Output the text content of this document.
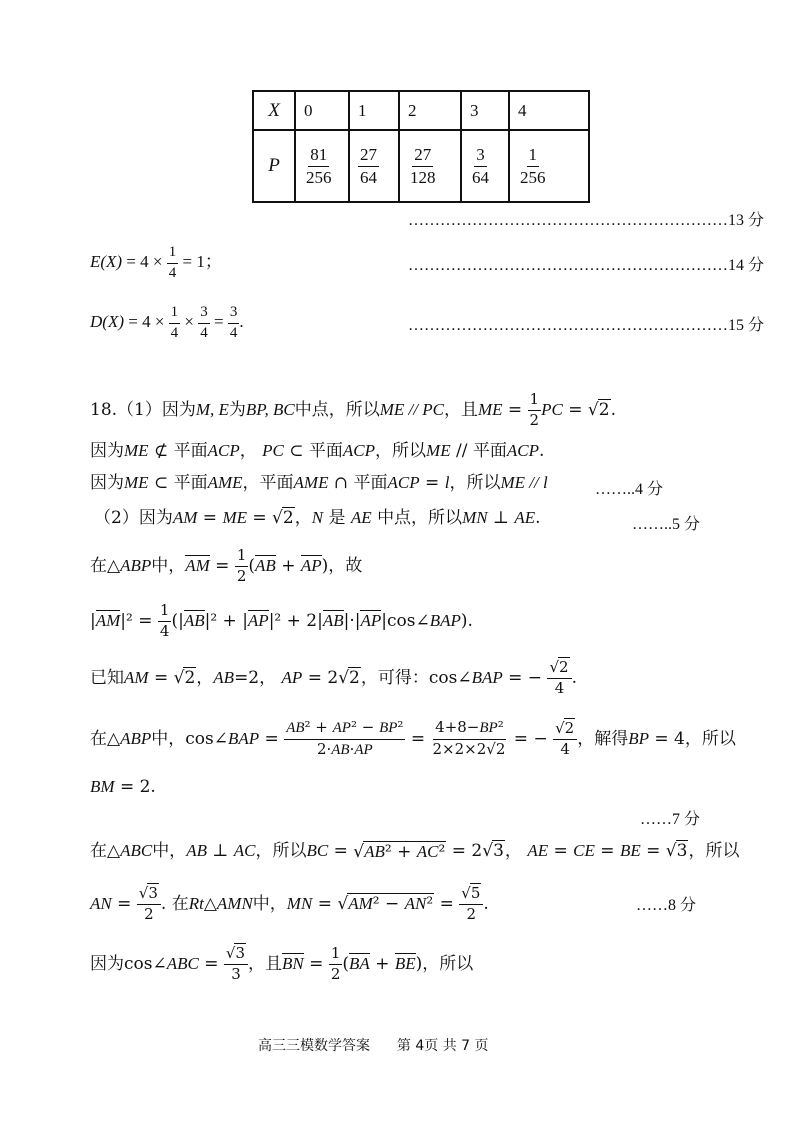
X	0	1	2	3	4
P	$\frac{81}{256}$	$\frac{27}{64}$	$\frac{27}{128}$	$\frac{3}{64}$	$\frac{1}{256}$
……………………………………………………13 分
$E(X) = 4 \times \frac{1}{4} = 1$；	……………………………………………………14 分
$D(X) = 4 \times \frac{1}{4} \times \frac{3}{4} = \frac{3}{4}$ .	……………………………………………………15 分
18.（1）因为M, E为BP, BC中点，所以ME // PC，且ME = $\frac{1}{2}$ PC = √2.
因为ME ⊄ 平面ACP， PC ⊂ 平面ACP，所以ME // 平面ACP.
因为ME ⊂ 平面AME，平面AME ∩ 平面ACP = l，所以ME // l	……..4 分
（2）因为AM = ME = √2，N 是 AE 中点，所以MN ⊥ AE.	……..5 分
在△ABP中，AM = $\frac{1}{2} (AB + AP)$，故
$|AM|^2 = \frac{1}{4} (|AB|^2 + |AP|^2$ + 2|AB|·|AP|cos∠BAP).
已知AM = √2，AB=2， AP = 2√2，可得：cos∠BAP = − $\frac{√2}{4}$ .
在△ABP中，cos∠BAP = $\frac{\text{AB² + AP² − BP²}}{2\cdot AB\cdot AP} = \frac{\text{4+8−BP²}}{2\times 2\times 2√2}$ = − $\frac{√2}{4}$ ，解得BP = 4，所以
BM = 2.
……7 分
在△ABC中，AB ⊥ AC，所以BC = √AB² + AC² = 2√3， AE = CE = BE = √3，所以
AN = $\frac{√3}{2}$ . 在Rt△AMN中，MN = $√AM^2 - AN^2 = \frac{√5}{2}$ .	……8 分
因为cos∠ABC = $\frac{√3}{3}$ ，且BN = $\frac{1}{2} (BA + BE)$，所以
高三三模数学答案 第 4页 共 7 页
